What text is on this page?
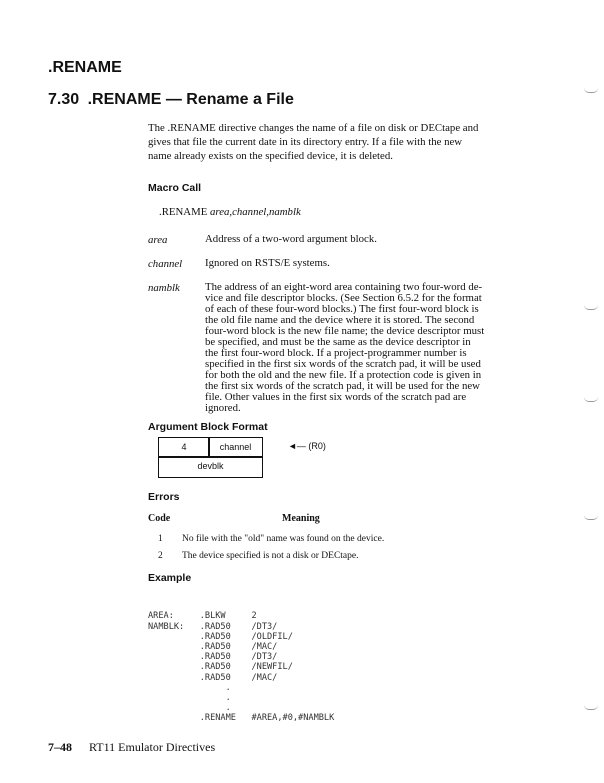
.RENAME
7.30 .RENAME — Rename a File
The .RENAME directive changes the name of a file on disk or DECtape and
gives that file the current date in its directory entry. If a file with the new
name already exists on the specified device, it is deleted.
Macro Call
.RENAME area,channel,namblk
area	Address of a two-word argument block.
channel Ignored on RSTS/E systems.
namblk The address of an eight-word area containing two four-word de-
vice and file descriptor blocks. (See Section 6.5.2 for the format
of each of these four-word blocks.) The first four-word block is
the old file name and the device where it is stored. The second
four-word block is the new file name; the device descriptor must
be specified, and must be the same as the device descriptor in
the first four-word block. If a project-programmer number is
specified in the first six words of the scratch pad, it will be used
for both the old and the new file. If a protection code is given in
the first six words of the scratch pad, it will be used for the new
file. Other values in the first six words of the scratch pad are
ignored.
Argument Block Format
4	channel
devblk
◄— (R0)
Errors
Code	Meaning
1 No file with the "old" name was found on the device.
2 The device specified is not a disk or DECtape.
Example

AREA:     .BLKW     2
NAMBLK:   .RAD50    /DT3/
.RAD50    /OLDFIL/
.RAD50    /MAC/
.RAD50    /DT3/
.RAD50    /NEWFIL/
.RAD50    /MAC/
.
.
.
.RENAME   #AREA,#0,#NAMBLK

7–48 RT11 Emulator Directives
